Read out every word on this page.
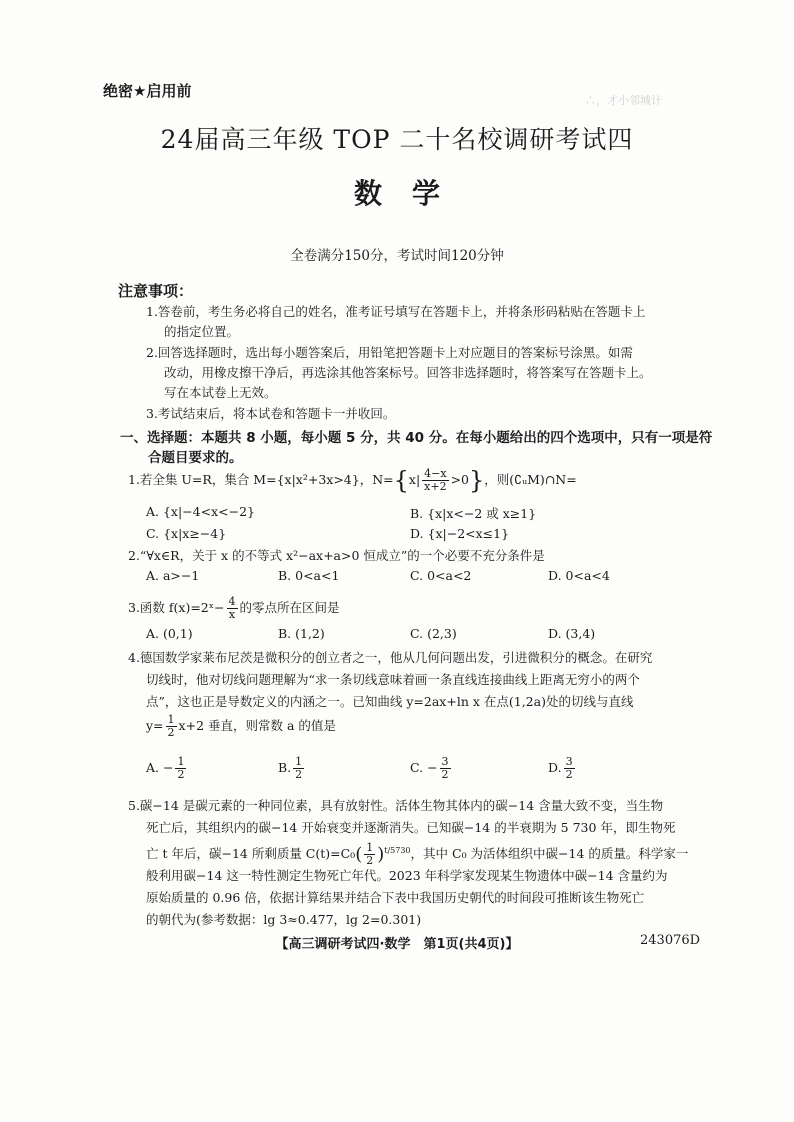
∴，才小邻城计
绝密★启用前
24届高三年级 TOP 二十名校调研考试四
数学
全卷满分150分，考试时间120分钟
注意事项：
1.答卷前，考生务必将自己的姓名，准考证号填写在答题卡上，并将条形码粘贴在答题卡上
的指定位置。
2.回答选择题时，选出每小题答案后，用铅笔把答题卡上对应题目的答案标号涂黑。如需
改动，用橡皮擦干净后，再选涂其他答案标号。回答非选择题时，将答案写在答题卡上。
写在本试卷上无效。
3.考试结束后，将本试卷和答题卡一并收回。
一、选择题：本题共 8 小题，每小题 5 分，共 40 分。在每小题给出的四个选项中，只有一项是符
合题目要求的。
1.若全集 U=R，集合 M={x|x²+3x>4}，$N=\{x| \frac{4-x}{x+2} >0\}$，则(∁ᵤM)∩N=
A. {x|−4<x<−2}	B. {x|x<−2 或 x≥1}
C. {x|x≥−4}	D. {x|−2<x≤1}
2.“∀x∈R，关于 x 的不等式 x²−ax+a>0 恒成立”的一个必要不充分条件是
A. a>−1	B. 0<a<1	C. 0<a<2	D. 0<a<4
3.函数 f(x)=2ˣ− $\frac{4}{x}$ 的零点所在区间是
A. (0,1)	B. (1,2)	C. (2,3)	D. (3,4)
4.德国数学家莱布尼茨是微积分的创立者之一，他从几何问题出发，引进微积分的概念。在研究
切线时，他对切线问题理解为“求一条切线意味着画一条直线连接曲线上距离无穷小的两个
点”，这也正是导数定义的内涵之一。已知曲线 y=2ax+ln x 在点(1,2a)处的切线与直线
$y= \frac{1}{2} x+2$ 垂直，则常数 a 的值是
A. − $\frac{1}{2}$	B. $\frac{1}{2}$	C. − $\frac{3}{2}$	D. $\frac{3}{2}$
5.碳−14 是碳元素的一种同位素，具有放射性。活体生物其体内的碳−14 含量大致不变，当生物
死亡后，其组织内的碳−14 开始衰变并逐渐消失。已知碳−14 的半衰期为 5 730 年，即生物死
亡 t 年后，碳−14 所剩质量 $C(t)=C_0( \frac{1}{2} )^{t/5730}$，其中 C₀ 为活体组织中碳−14 的质量。科学家一
般利用碳−14 这一特性测定生物死亡年代。2023 年科学家发现某生物遗体中碳−14 含量约为
原始质量的 0.96 倍，依据计算结果并结合下表中我国历史朝代的时间段可推断该生物死亡
的朝代为(参考数据：lg 3≈0.477，lg 2=0.301)
【高三调研考试四·数学　第1页(共4页)】	243076D
